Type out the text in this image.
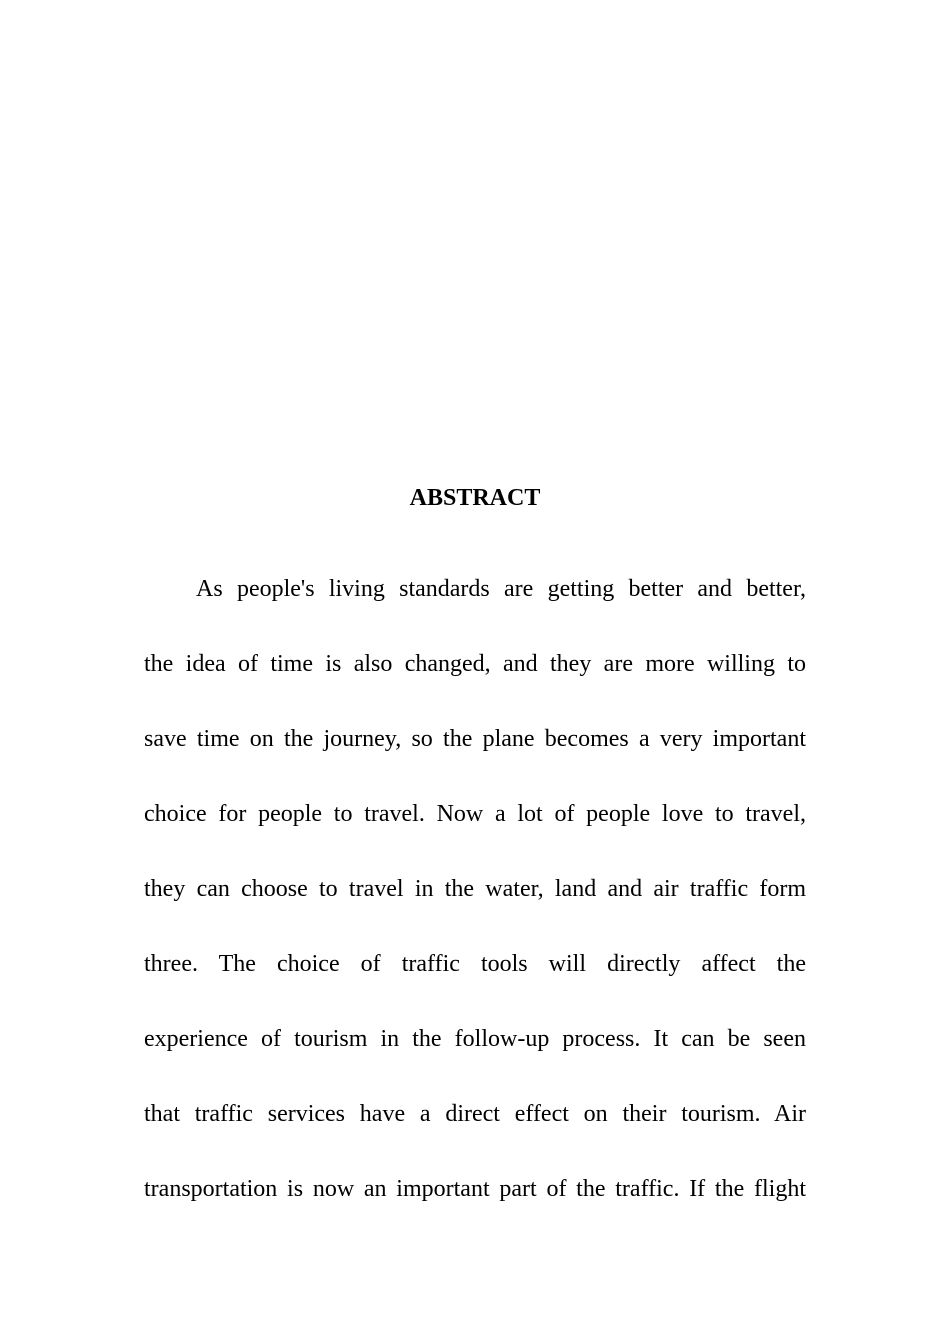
ABSTRACT
As people's living standards are getting better and better,
the idea of time is also changed, and they are more willing to
save time on the journey, so the plane becomes a very important
choice for people to travel. Now a lot of people love to travel,
they can choose to travel in the water, land and air traffic form
three. The choice of traffic tools will directly affect the
experience of tourism in the follow-up process. It can be seen
that traffic services have a direct effect on their tourism. Air
transportation is now an important part of the traffic. If the flight
